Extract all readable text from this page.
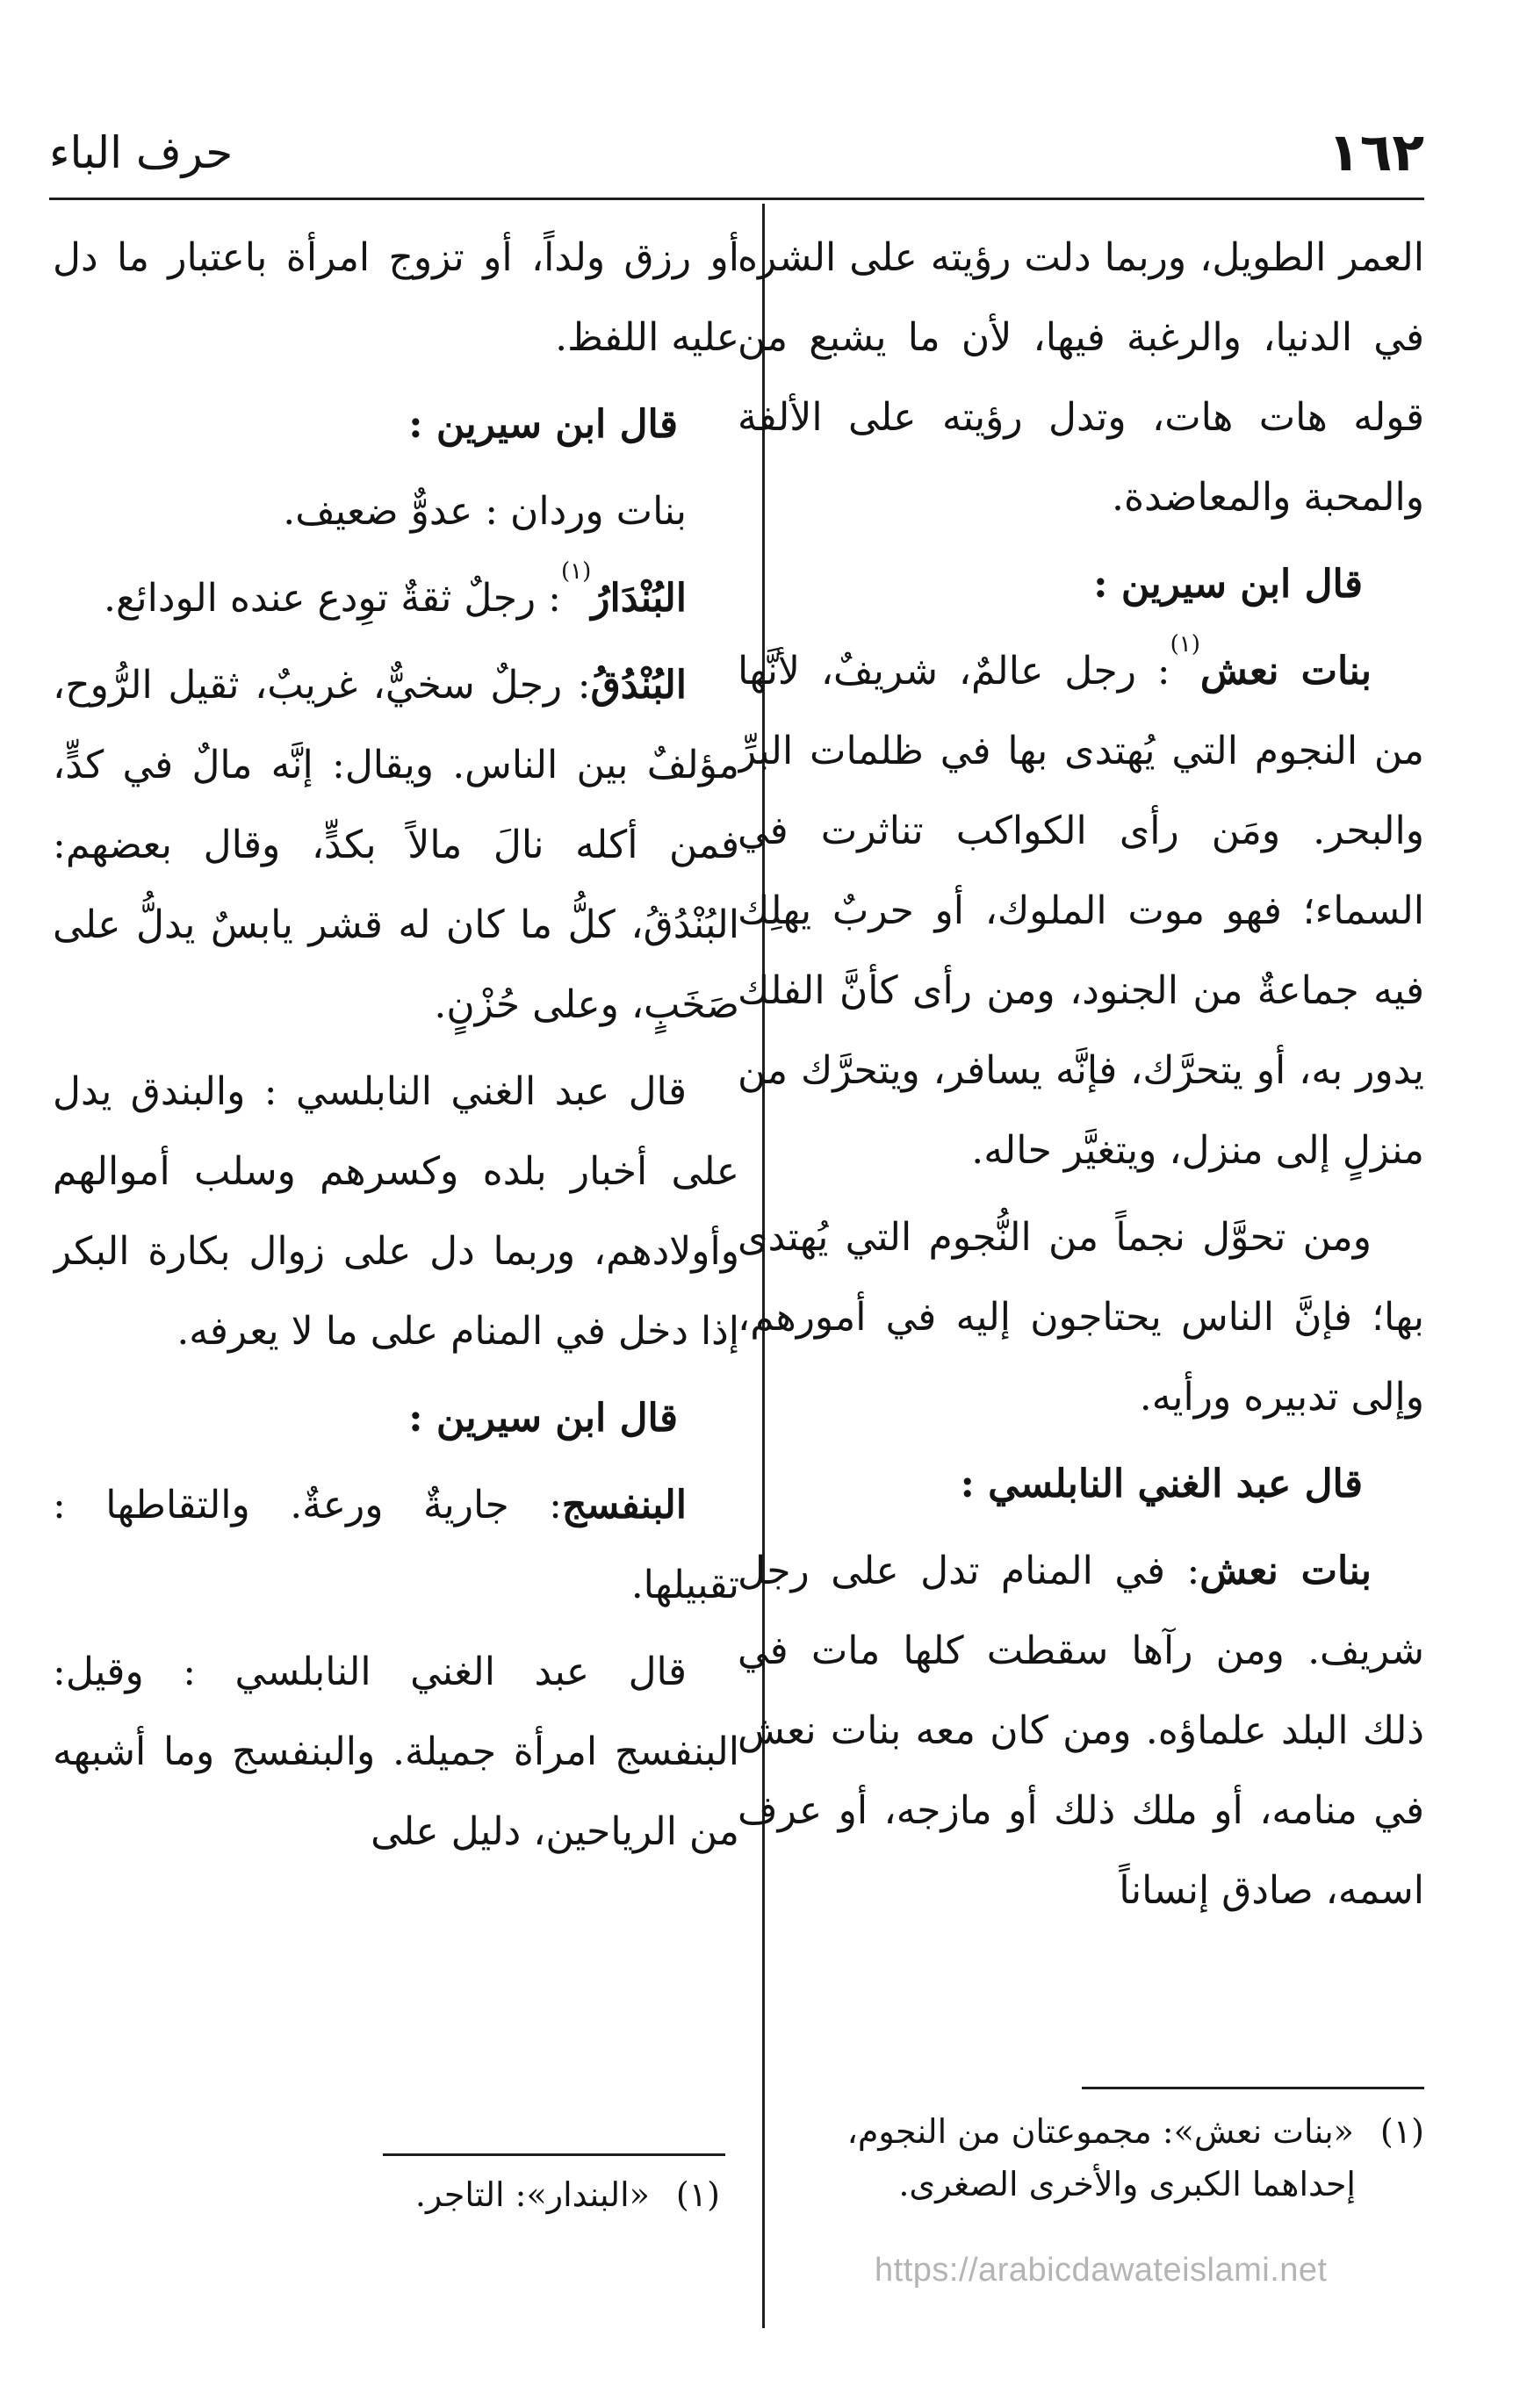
١٦٢
حرف الباء

العمر الطويل، وربما دلت رؤيته على الشره في الدنيا، والرغبة فيها، لأن ما يشبع من قوله هات هات، وتدل رؤيته على الألفة والمحبة والمعاضدة.

قال ابن سيرين :

بنات نعش$^{(١)}$: رجل عالمٌ، شريفٌ، لأنَّها من النجوم التي يُهتدى بها في ظلمات البرِّ والبحر. ومَن رأى الكواكب تناثرت في السماء؛ فهو موت الملوك، أو حربٌ يهلِك فيه جماعةٌ من الجنود، ومن رأى كأنَّ الفلك يدور به، أو يتحرَّك، فإنَّه يسافر، ويتحرَّك من منزلٍ إلى منزل، ويتغيَّر حاله.

ومن تحوَّل نجماً من النُّجوم التي يُهتدى بها؛ فإنَّ الناس يحتاجون إليه في أمورهم، وإلى تدبيره ورأيه.

قال عبد الغني النابلسي :

بنات نعش: في المنام تدل على رجل شريف. ومن رآها سقطت كلها مات في ذلك البلد علماؤه. ومن كان معه بنات نعش في منامه، أو ملك ذلك أو مازجه، أو عرف اسمه، صادق إنساناً

أو رزق ولداً، أو تزوج امرأة باعتبار ما دل عليه اللفظ.

قال ابن سيرين :

بنات وردان : عدوٌّ ضعيف.

البُنْدَارُ$^{(١)}$: رجلٌ ثقةٌ توِدع عنده الودائع.

البُنْدُقُ: رجلٌ سخيٌّ، غريبٌ، ثقيل الرُّوح، مؤلفٌ بين الناس. ويقال: إنَّه مالٌ في كدٍّ، فمن أكله نالَ مالاً بكدٍّ، وقال بعضهم: البُنْدُقُ، كلُّ ما كان له قشر يابسٌ يدلُّ على صَخَبٍ، وعلى حُزْنٍ.

قال عبد الغني النابلسي : والبندق يدل على أخبار بلده وكسرهم وسلب أموالهم وأولادهم، وربما دل على زوال بكارة البكر إذا دخل في المنام على ما لا يعرفه.

قال ابن سيرين :

البنفسج: جاريةٌ ورعةٌ. والتقاطها : تقبيلها.

قال عبد الغني النابلسي : وقيل: البنفسج امرأة جميلة. والبنفسج وما أشبهه من الرياحين، دليل على

(١)«بنات نعش»: مجموعتان من النجوم،
إحداهما الكبرى والأخرى الصغرى.
(١)«البندار»: التاجر.
https://arabicdawateislami.net
